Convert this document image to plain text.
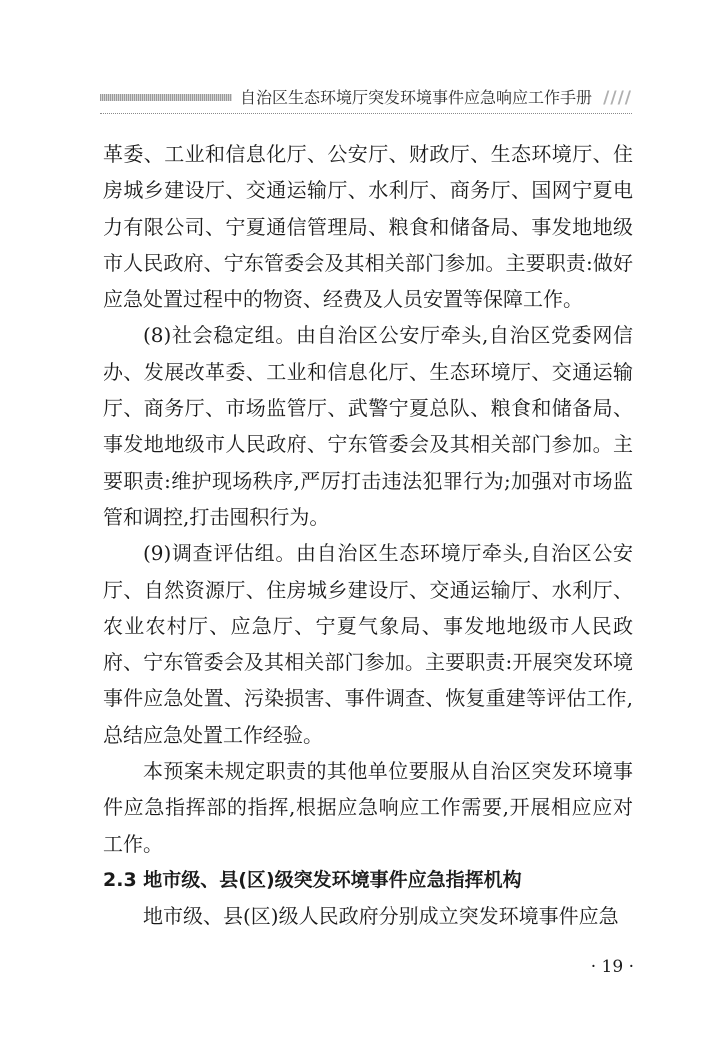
自治区生态环境厅突发环境事件应急响应工作手册 ////

革委、工业和信息化厅、公安厅、财政厅、生态环境厅、住房城乡建设厅、交通运输厅、水利厅、商务厅、国网宁夏电力有限公司、宁夏通信管理局、粮食和储备局、事发地地级市人民政府、宁东管委会及其相关部门参加。主要职责:做好应急处置过程中的物资、经费及人员安置等保障工作。

(8)社会稳定组。由自治区公安厅牵头,自治区党委网信办、发展改革委、工业和信息化厅、生态环境厅、交通运输厅、商务厅、市场监管厅、武警宁夏总队、粮食和储备局、事发地地级市人民政府、宁东管委会及其相关部门参加。主要职责:维护现场秩序,严厉打击违法犯罪行为;加强对市场监管和调控,打击囤积行为。

(9)调查评估组。由自治区生态环境厅牵头,自治区公安厅、自然资源厅、住房城乡建设厅、交通运输厅、水利厅、农业农村厅、应急厅、宁夏气象局、事发地地级市人民政府、宁东管委会及其相关部门参加。主要职责:开展突发环境事件应急处置、污染损害、事件调查、恢复重建等评估工作,总结应急处置工作经验。

本预案未规定职责的其他单位要服从自治区突发环境事件应急指挥部的指挥,根据应急响应工作需要,开展相应应对工作。

2.3 地市级、县(区)级突发环境事件应急指挥机构

地市级、县(区)级人民政府分别成立突发环境事件应急

· 19 ·
